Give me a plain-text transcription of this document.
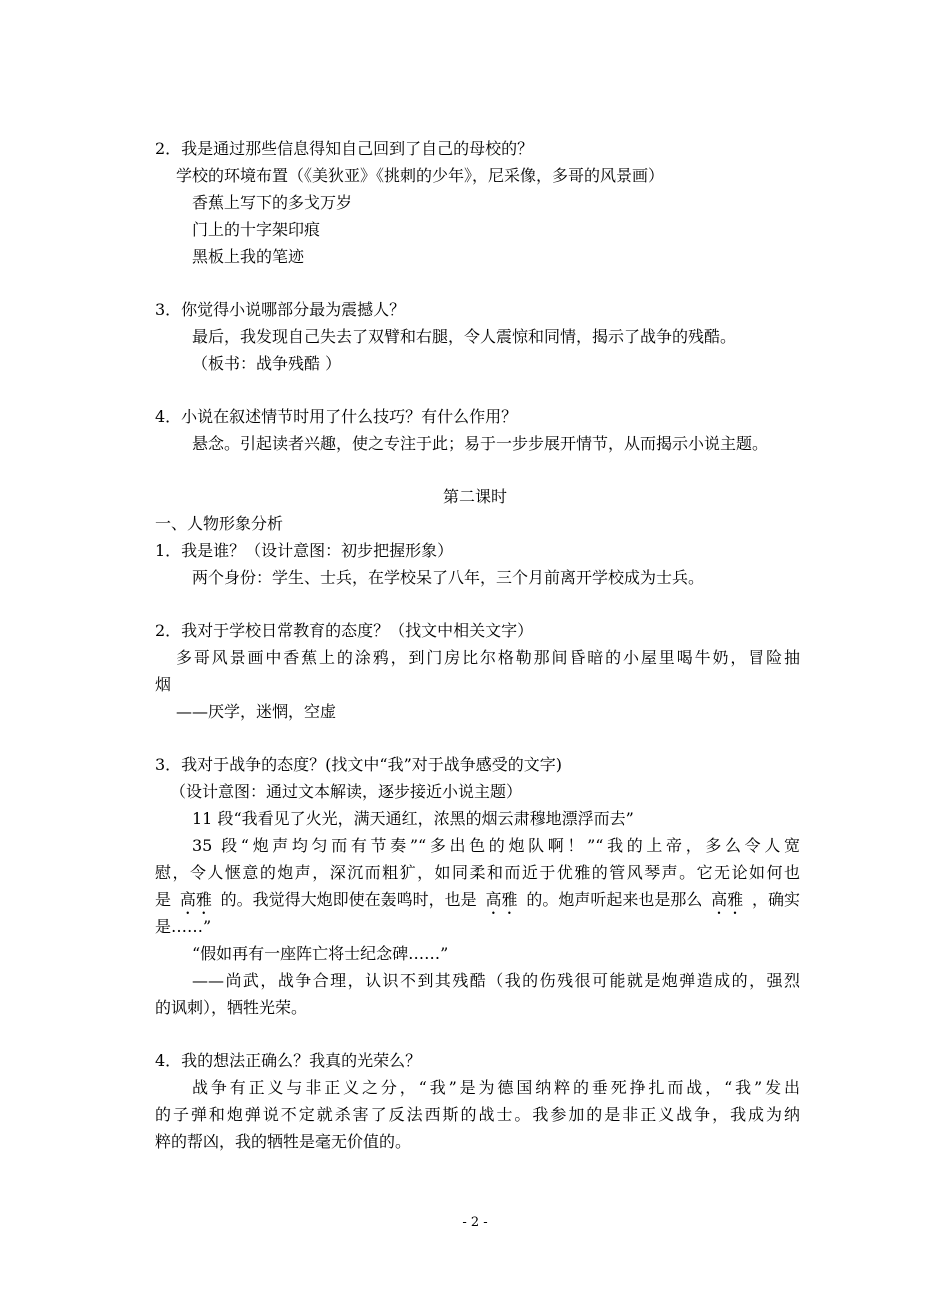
2．我是通过那些信息得知自己回到了自己的母校的？
学校的环境布置（《美狄亚》《挑刺的少年》，尼采像，多哥的风景画）
香蕉上写下的多戈万岁
门上的十字架印痕
黑板上我的笔迹
3．你觉得小说哪部分最为震撼人？
最后，我发现自己失去了双臂和右腿，令人震惊和同情，揭示了战争的残酷。
（板书：战争残酷 ）
4．小说在叙述情节时用了什么技巧？有什么作用？
悬念。引起读者兴趣，使之专注于此；易于一步步展开情节，从而揭示小说主题。
第二课时
一、人物形象分析
1．我是谁？（设计意图：初步把握形象）
两个身份：学生、士兵，在学校呆了八年，三个月前离开学校成为士兵。
2．我对于学校日常教育的态度？（找文中相关文字）
多哥风景画中香蕉上的涂鸦，到门房比尔格勒那间昏暗的小屋里喝牛奶，冒险抽
烟
——厌学，迷惘，空虚
3．我对于战争的态度？(找文中“我”对于战争感受的文字)
（设计意图：通过文本解读，逐步接近小说主题）
11 段“我看见了火光，满天通红，浓黑的烟云肃穆地漂浮而去”
35 段“炮声均匀而有节奏”“多出色的炮队啊！”“我的上帝，多么令人宽
慰，令人惬意的炮声，深沉而粗犷，如同柔和而近于优雅的管风琴声。它无论如何也
是 高雅 的。我觉得大炮即使在轰鸣时，也是 高雅 的。炮声听起来也是那么 高雅 ，确实
是……”
“假如再有一座阵亡将士纪念碑……”
——尚武，战争合理，认识不到其残酷（我的伤残很可能就是炮弹造成的，强烈
的讽刺），牺牲光荣。
4．我的想法正确么？我真的光荣么？
战争有正义与非正义之分，“我”是为德国纳粹的垂死挣扎而战，“我”发出
的子弹和炮弹说不定就杀害了反法西斯的战士。我参加的是非正义战争，我成为纳
粹的帮凶，我的牺牲是毫无价值的。
- 2 -
